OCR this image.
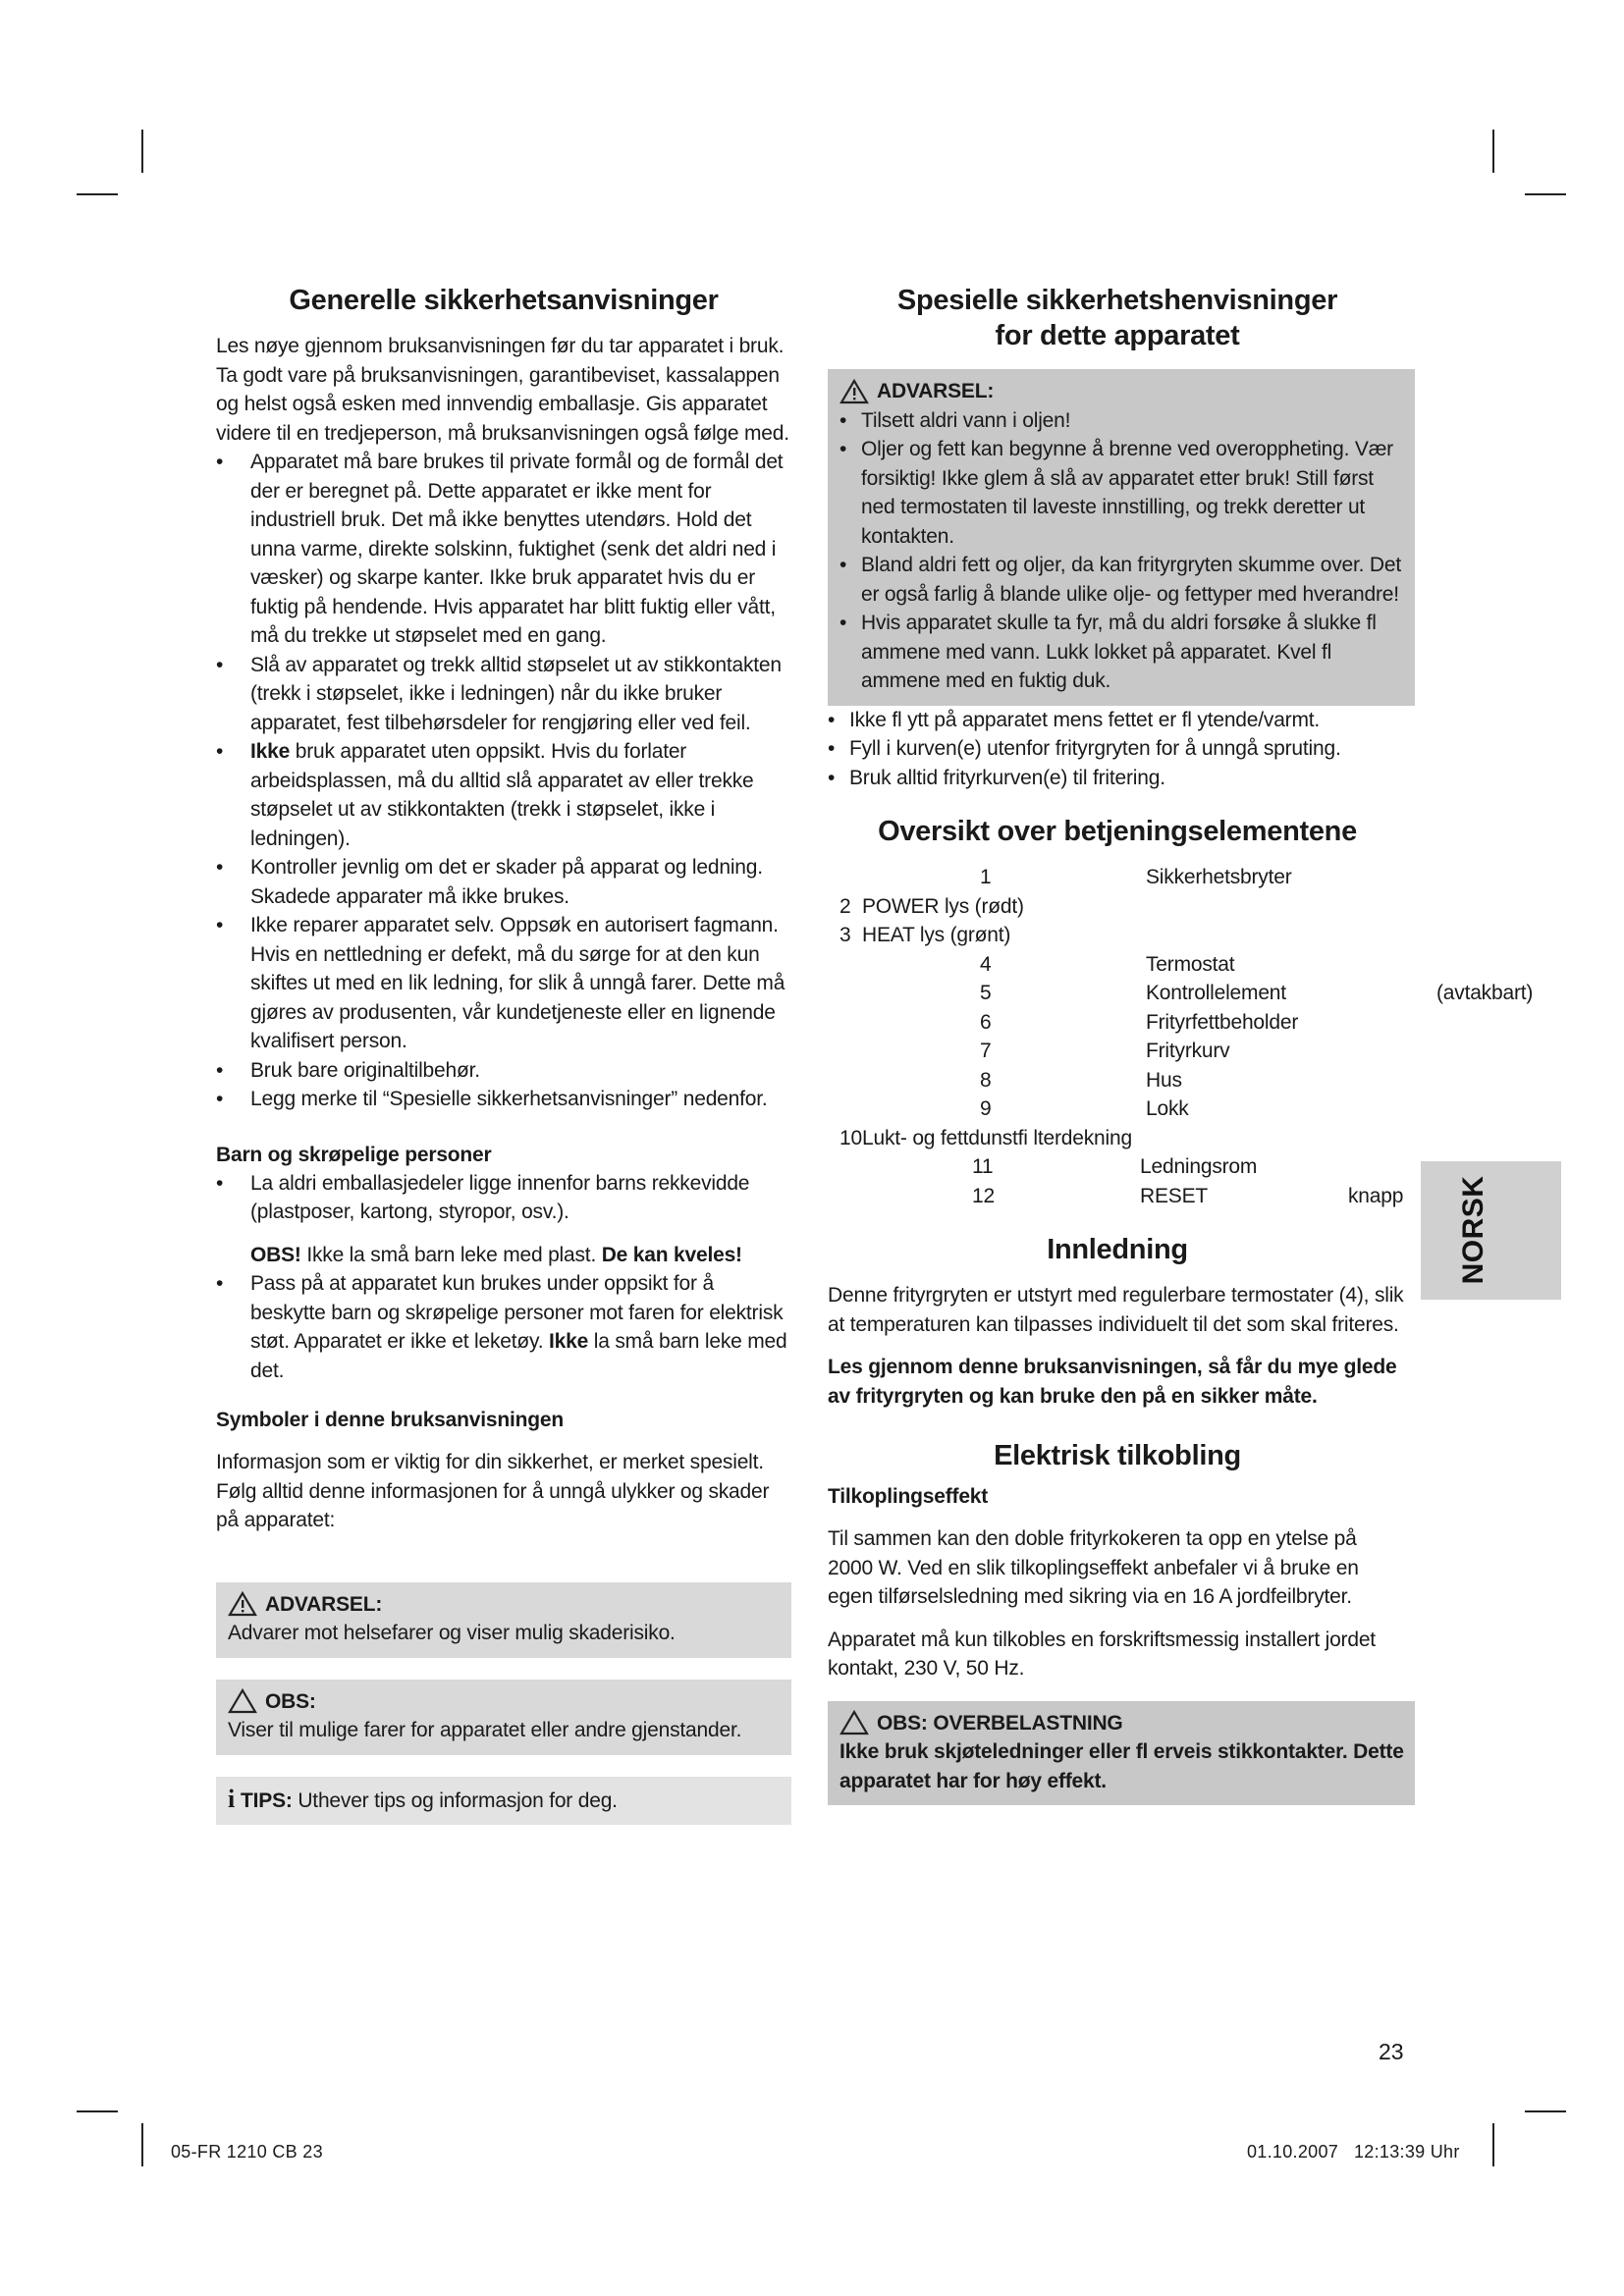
Generelle sikkerhetsanvisninger

Les nøye gjennom bruksanvisningen før du tar apparatet i bruk. Ta godt vare på bruksanvisningen, garantibeviset, kassalappen og helst også esken med innvendig emballasje. Gis apparatet videre til en tredjeperson, må bruksanvisningen også følge med.

• Apparatet må bare brukes til private formål og de formål det der er beregnet på. Dette apparatet er ikke ment for industriell bruk. Det må ikke benyttes utendørs. Hold det unna varme, direkte solskinn, fuktighet (senk det aldri ned i væsker) og skarpe kanter. Ikke bruk apparatet hvis du er fuktig på hendende. Hvis apparatet har blitt fuktig eller vått, må du trekke ut støpselet med en gang.
• Slå av apparatet og trekk alltid støpselet ut av stikkontakten (trekk i støpselet, ikke i ledningen) når du ikke bruker apparatet, fest tilbehørsdeler for rengjøring eller ved feil.
• Ikke bruk apparatet uten oppsikt. Hvis du forlater arbeidsplassen, må du alltid slå apparatet av eller trekke støpselet ut av stikkontakten (trekk i støpselet, ikke i ledningen).
• Kontroller jevnlig om det er skader på apparat og ledning. Skadede apparater må ikke brukes.
• Ikke reparer apparatet selv. Oppsøk en autorisert fagmann. Hvis en nettledning er defekt, må du sørge for at den kun skiftes ut med en lik ledning, for slik å unngå farer. Dette må gjøres av produsenten, vår kundetjeneste eller en lignende kvalifisert person.
• Bruk bare originaltilbehør.
• Legg merke til “Spesielle sikkerhetsanvisninger” nedenfor.
Barn og skrøpelige personer
• La aldri emballasjedeler ligge innenfor barns rekkevidde (plastposer, kartong, styropor, osv.).

OBS! Ikke la små barn leke med plast. De kan kveles!

• Pass på at apparatet kun brukes under oppsikt for å beskytte barn og skrøpelige personer mot faren for elektrisk støt. Apparatet er ikke et leketøy. Ikke la små barn leke med det.
Symboler i denne bruksanvisningen

Informasjon som er viktig for din sikkerhet, er merket spesielt. Følg alltid denne informasjonen for å unngå ulykker og skader på apparatet:

ADVARSEL:

Advarer mot helsefarer og viser mulig skaderisiko.

OBS:

Viser til mulige farer for apparatet eller andre gjenstander.

i TIPS: Uthever tips og informasjon for deg.

Spesielle sikkerhetshenvisninger
for dette apparatet
ADVARSEL:
• Tilsett aldri vann i oljen!
• Oljer og fett kan begynne å brenne ved overoppheting. Vær forsiktig! Ikke glem å slå av apparatet etter bruk! Still først ned termostaten til laveste innstilling, og trekk deretter ut kontakten.
• Bland aldri fett og oljer, da kan frityrgryten skumme over. Det er også farlig å blande ulike olje- og fettyper med hverandre!
• Hvis apparatet skulle ta fyr, må du aldri forsøke å slukke fl ammene med vann. Lukk lokket på apparatet. Kvel fl ammene med en fuktig duk.
• Ikke fl ytt på apparatet mens fettet er fl ytende/varmt.
• Fyll i kurven(e) utenfor frityrgryten for å unngå spruting.
• Bruk alltid frityrkurven(e) til fritering.
Oversikt over betjeningselementene
1	Sikkerhetsbryter
2 POWER lys (rødt)
3 HEAT lys (grønt)
4	Termostat
5	Kontrollelement	(avtakbart)
6	Frityrfettbeholder
7	Frityrkurv
8	Hus
9	Lokk
10 Lukt- og fettdunstfi lterdekning
11	Ledningsrom
12	RESET	knapp
Innledning

Denne frityrgryten er utstyrt med regulerbare termostater (4), slik at temperaturen kan tilpasses individuelt til det som skal friteres.

Les gjennom denne bruksanvisningen, så får du mye glede av frityrgryten og kan bruke den på en sikker måte.

Elektrisk tilkobling
Tilkoplingseffekt

Til sammen kan den doble frityrkokeren ta opp en ytelse på 2000 W. Ved en slik tilkoplingseffekt anbefaler vi å bruke en egen tilførselsledning med sikring via en 16 A jordfeilbryter.

Apparatet må kun tilkobles en forskriftsmessig installert jordet kontakt, 230 V, 50 Hz.

OBS: OVERBELASTNING

Ikke bruk skjøteledninger eller fl erveis stikkontakter. Dette apparatet har for høy effekt.

NORSK
23
05-FR 1210 CB 23	01.10.2007   12:13:39 Uhr
